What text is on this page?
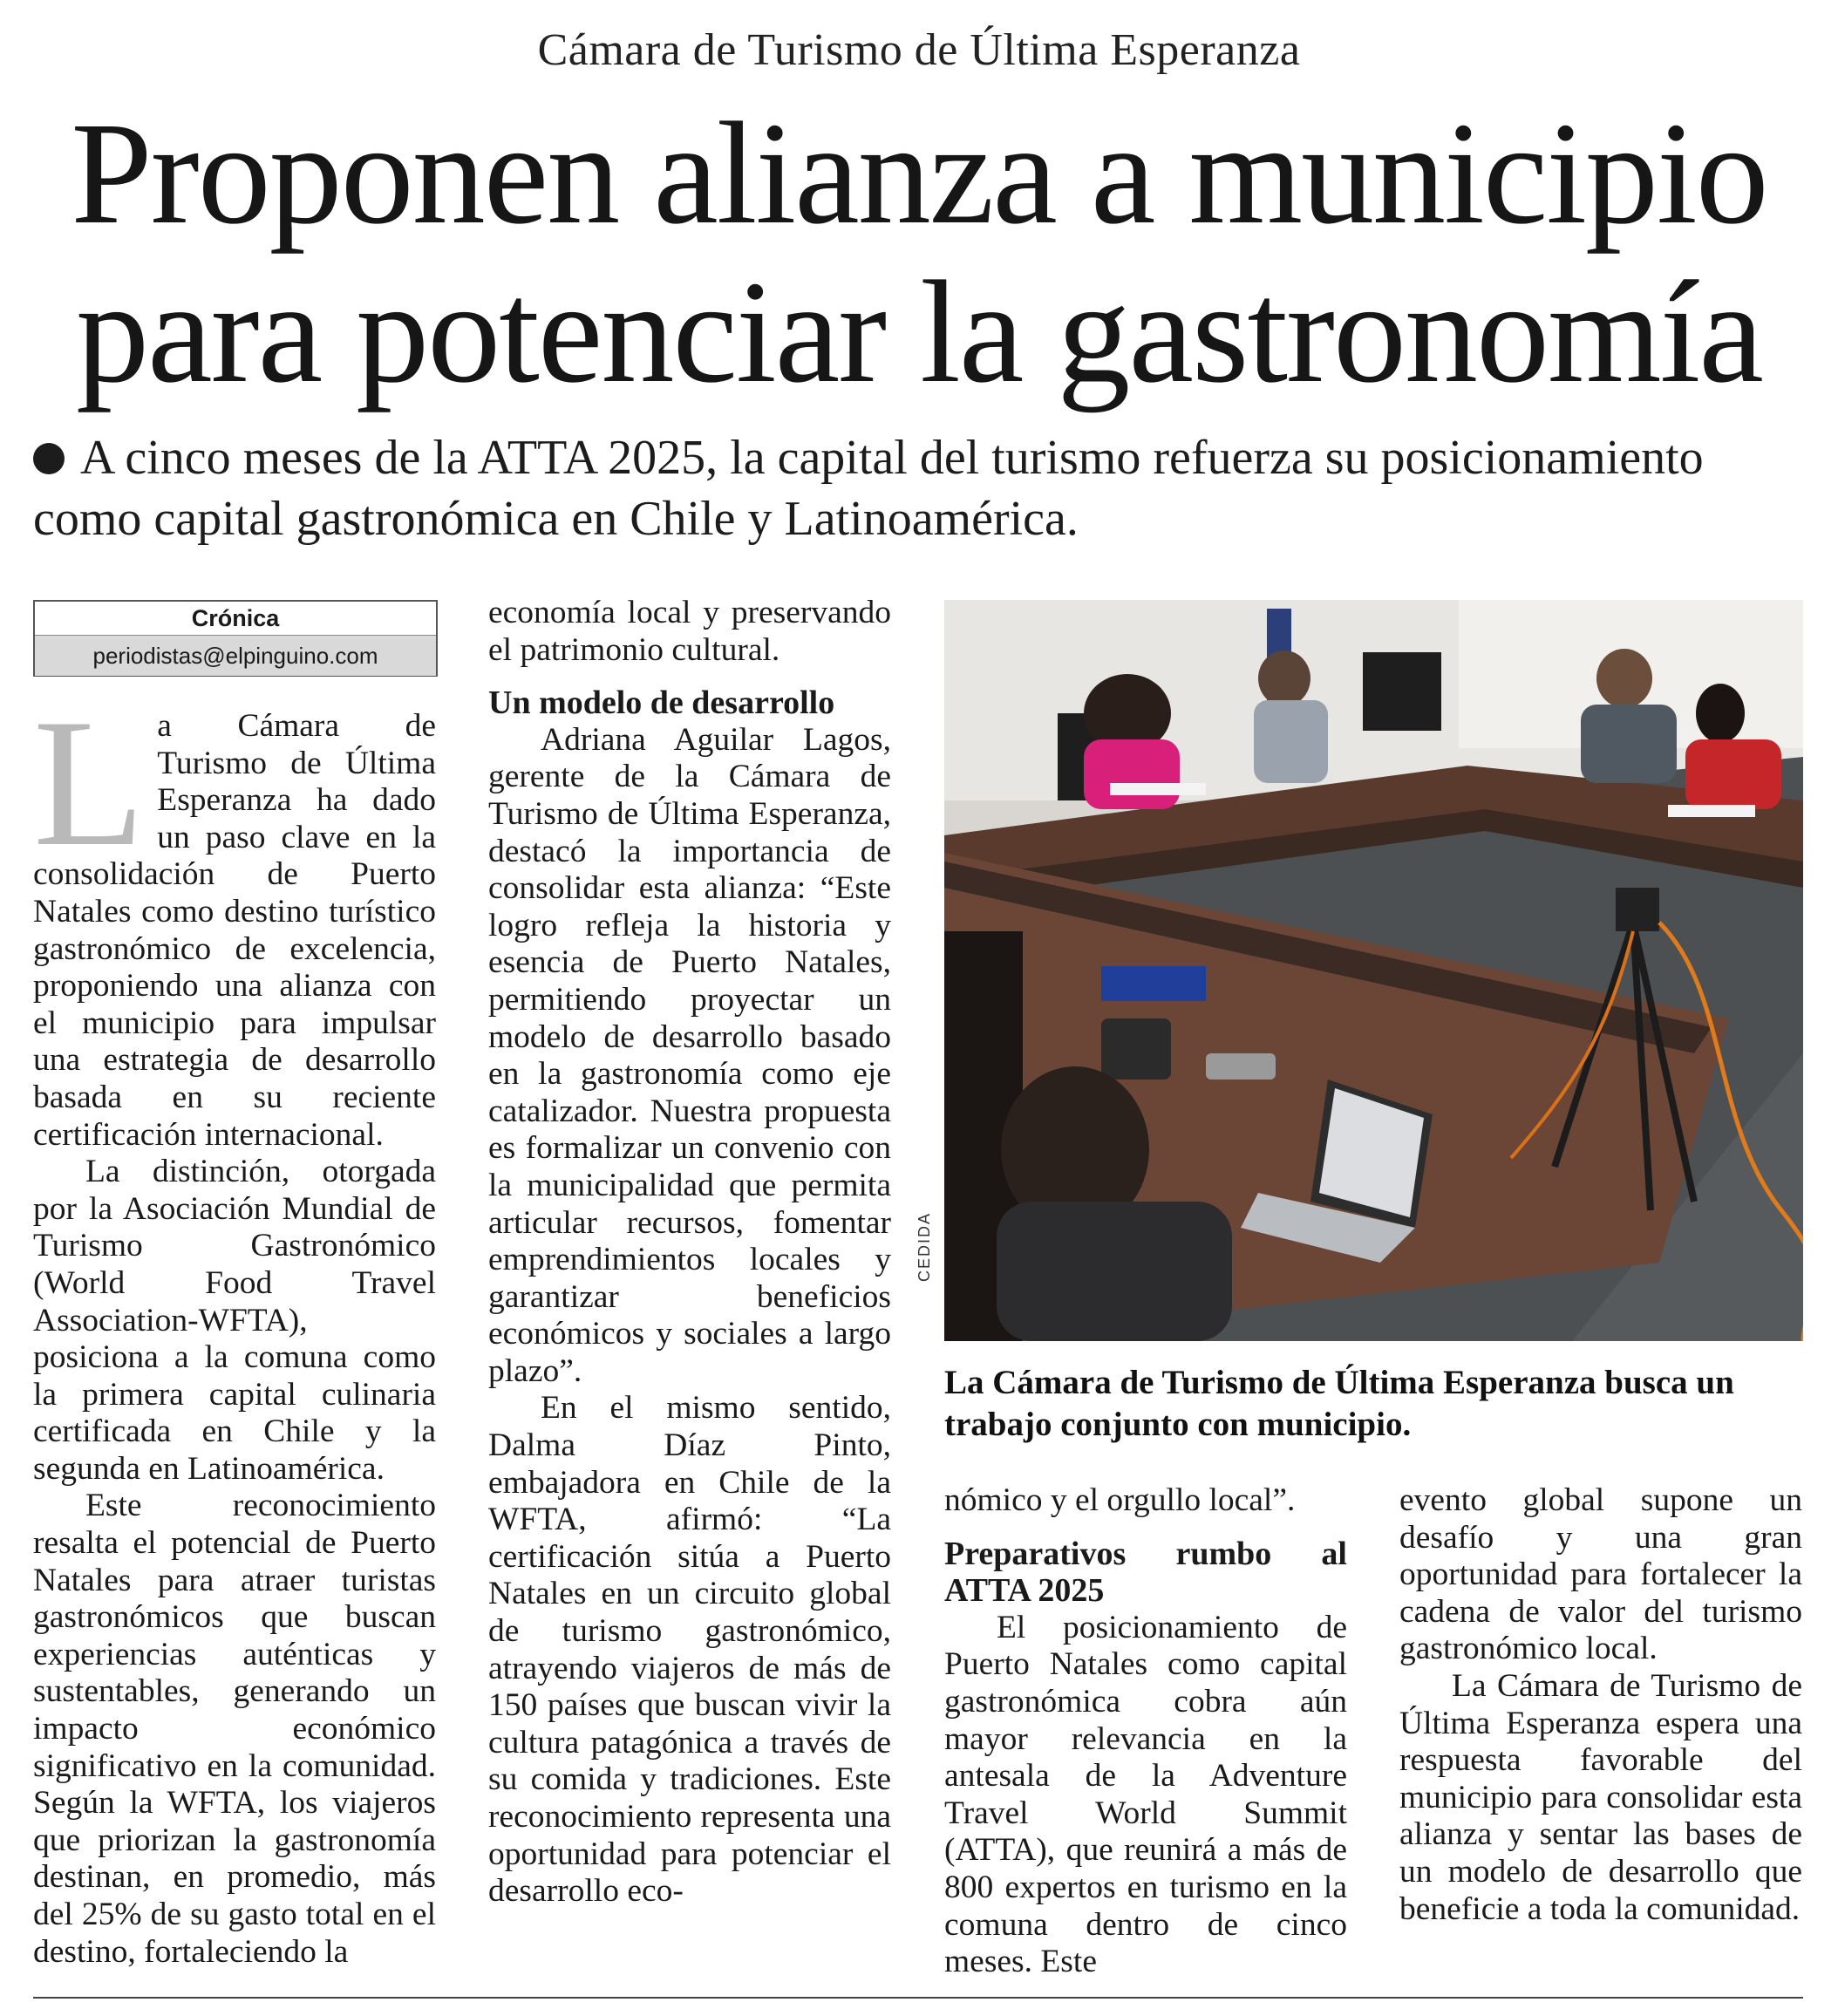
Cámara de Turismo de Última Esperanza
Proponen alianza a municipio
para potenciar la gastronomía
A cinco meses de la ATTA 2025, la capital del turismo refuerza su posicionamiento como capital gastronómica en Chile y Latinoamérica.
Crónica
periodistas@elpinguino.com
L a Cámara de Turismo de Última Esperanza ha dado un paso clave en la consolidación de Puerto Natales como destino turístico gastronómico de excelencia, proponiendo una alianza con el municipio para impulsar una estrategia de desarrollo basada en su reciente certificación internacional.

La distinción, otorgada por la Asociación Mundial de Turismo Gastronómico (World Food Travel Association-WFTA), posiciona a la comuna como la primera capital culinaria certificada en Chile y la segunda en Latinoamérica.

Este reconocimiento resalta el potencial de Puerto Natales para atraer turistas gastronómicos que buscan experiencias auténticas y sustentables, generando un impacto económico significativo en la comunidad. Según la WFTA, los viajeros que priorizan la gastronomía destinan, en promedio, más del 25% de su gasto total en el destino, fortaleciendo la

economía local y preservando el patrimonio cultural.

Un modelo de desarrollo

Adriana Aguilar Lagos, gerente de la Cámara de Turismo de Última Esperanza, destacó la importancia de consolidar esta alianza: “Este logro refleja la historia y esencia de Puerto Natales, permitiendo proyectar un modelo de desarrollo basado en la gastronomía como eje catalizador. Nuestra propuesta es formalizar un convenio con la municipalidad que permita articular recursos, fomentar emprendimientos locales y garantizar beneficios económicos y sociales a largo plazo”.

En el mismo sentido, Dalma Díaz Pinto, embajadora en Chile de la WFTA, afirmó: “La certificación sitúa a Puerto Natales en un circuito global de turismo gastronómico, atrayendo viajeros de más de 150 países que buscan vivir la cultura patagónica a través de su comida y tradiciones. Este reconocimiento representa una oportunidad para potenciar el desarrollo eco-

CEDIDA
La Cámara de Turismo de Última Esperanza busca un trabajo conjunto con municipio.

nómico y el orgullo local”.

Preparativos rumbo al ATTA 2025

El posicionamiento de Puerto Natales como capital gastronómica cobra aún mayor relevancia en la antesala de la Adventure Travel World Summit (ATTA), que reunirá a más de 800 expertos en turismo en la comuna dentro de cinco meses. Este

evento global supone un desafío y una gran oportunidad para fortalecer la cadena de valor del turismo gastronómico local.

La Cámara de Turismo de Última Esperanza espera una respuesta favorable del municipio para consolidar esta alianza y sentar las bases de un modelo de desarrollo que beneficie a toda la comunidad.
